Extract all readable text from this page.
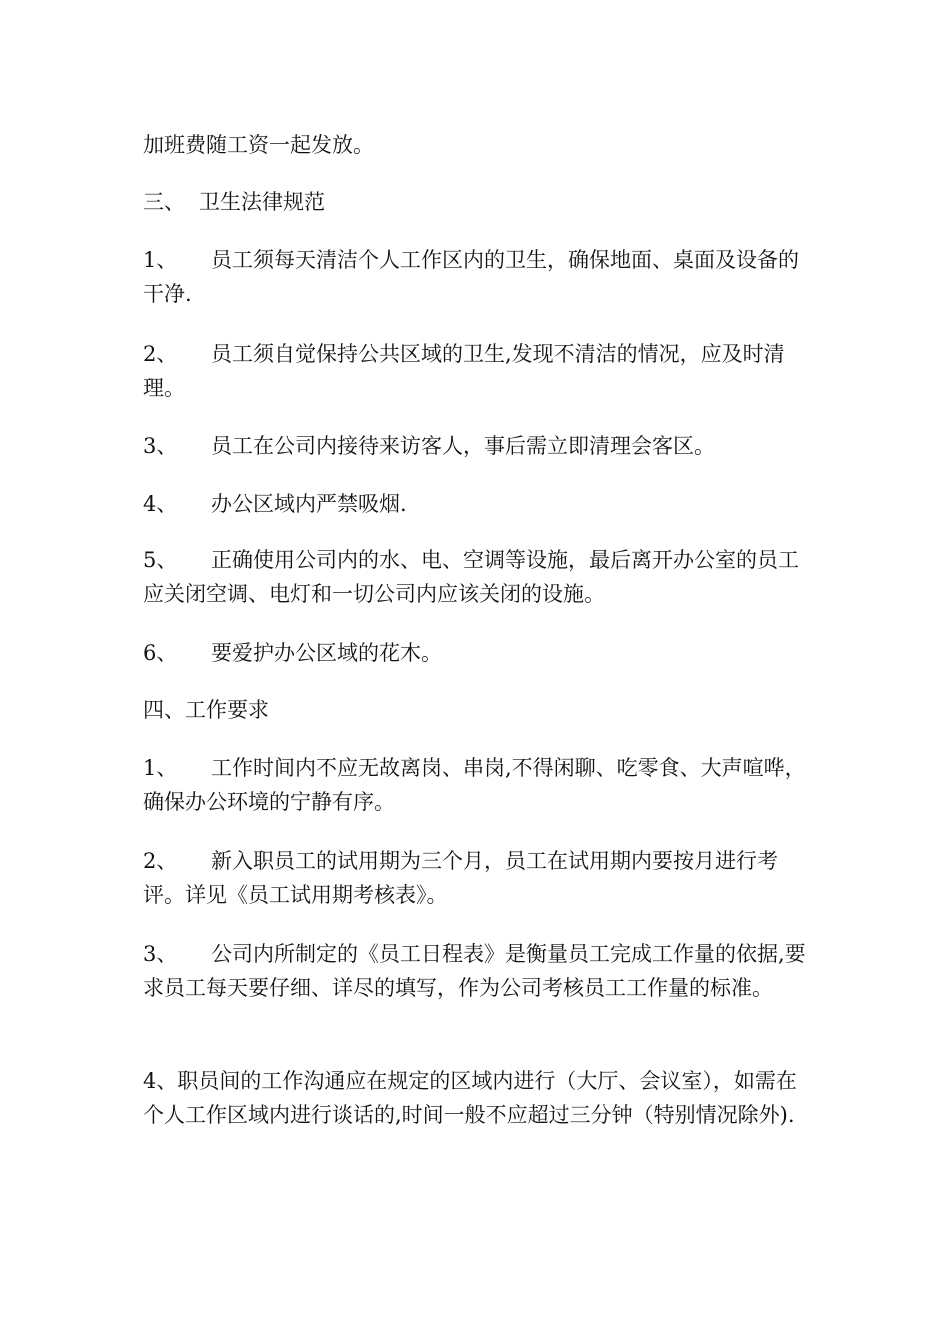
加班费随工资一起发放。

三、 卫生法律规范

1、 员工须每天清洁个人工作区内的卫生，确保地面、桌面及设备的干净.

2、 员工须自觉保持公共区域的卫生,发现不清洁的情况，应及时清理。

3、 员工在公司内接待来访客人，事后需立即清理会客区。

4、 办公区域内严禁吸烟.

5、 正确使用公司内的水、电、空调等设施，最后离开办公室的员工应关闭空调、电灯和一切公司内应该关闭的设施。

6、 要爱护办公区域的花木。

四、工作要求

1、 工作时间内不应无故离岗、串岗,不得闲聊、吃零食、大声喧哗，确保办公环境的宁静有序。

2、 新入职员工的试用期为三个月，员工在试用期内要按月进行考评。详见《员工试用期考核表》。

3、 公司内所制定的《员工日程表》是衡量员工完成工作量的依据,要求员工每天要仔细、详尽的填写，作为公司考核员工工作量的标准。

4、职员间的工作沟通应在规定的区域内进行（大厅、会议室），如需在个人工作区域内进行谈话的,时间一般不应超过三分钟（特别情况除外).
